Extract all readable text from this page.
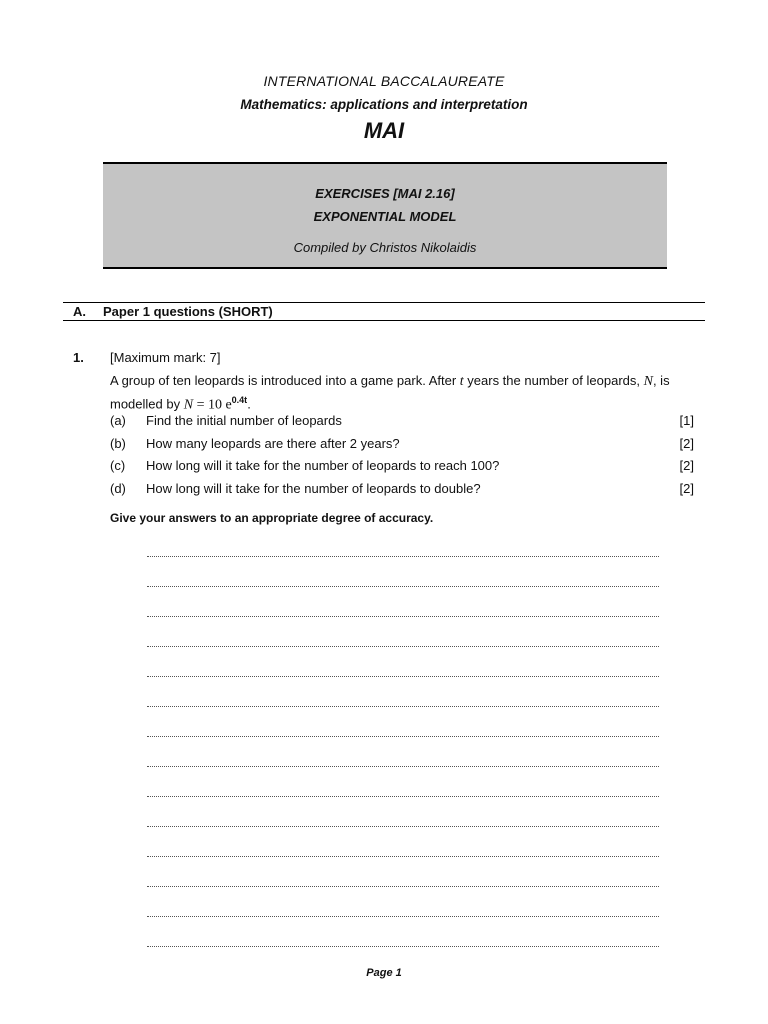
INTERNATIONAL BACCALAUREATE
Mathematics: applications and interpretation
MAI
EXERCISES [MAI 2.16]
EXPONENTIAL MODEL
Compiled by Christos Nikolaidis
A. Paper 1 questions (SHORT)
1. [Maximum mark: 7]
A group of ten leopards is introduced into a game park. After t years the number of leopards, N, is modelled by N = 10 $e^{0.4t}$.
(a) Find the initial number of leopards	[1]
(b) How many leopards are there after 2 years?	[2]
(c) How long will it take for the number of leopards to reach 100?	[2]
(d) How long will it take for the number of leopards to double?	[2]
Give your answers to an appropriate degree of accuracy.
Page 1
